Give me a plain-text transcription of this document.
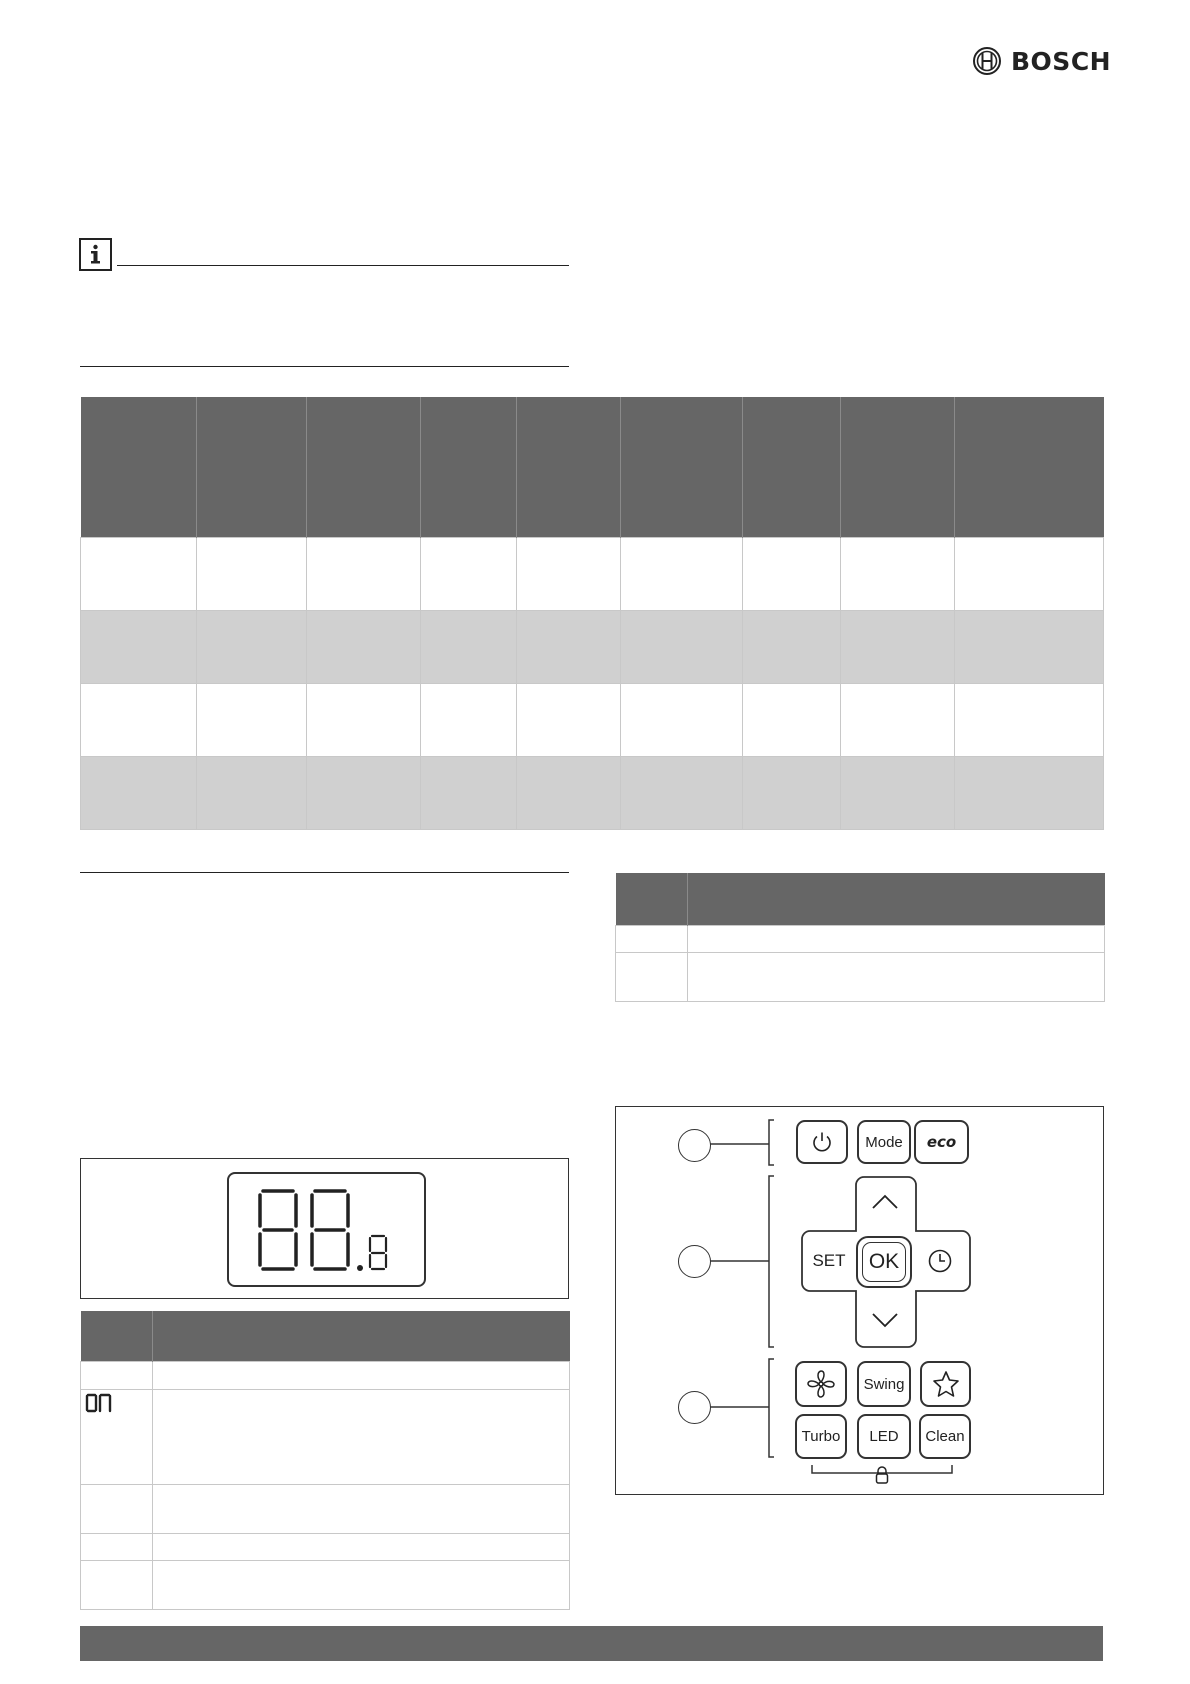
BOSCH

Mode	eco
SET	OK
Swing
Turbo	LED	Clean
